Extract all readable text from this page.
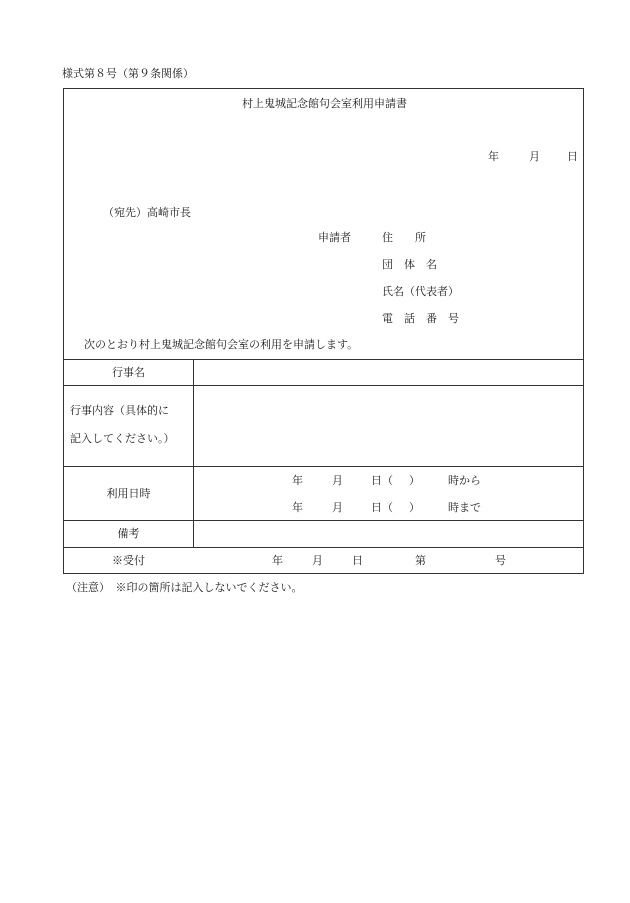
様式第８号（第９条関係）
村上鬼城記念館句会室利用申請書
年	月 日
（宛先）高崎市長
申請者	住　　所
団　体　名
氏名（代表者）
電　話　番　号
次のとおり村上鬼城記念館句会室の利用を申請します。
行事名
行事内容（具体的に
記入してください。）
利用日時
年	月	日（ ）	時から
年	月	日（ ）	時まで
備考
※受付	年	月	日	第	号
（注意）　※印の箇所は記入しないでください。
